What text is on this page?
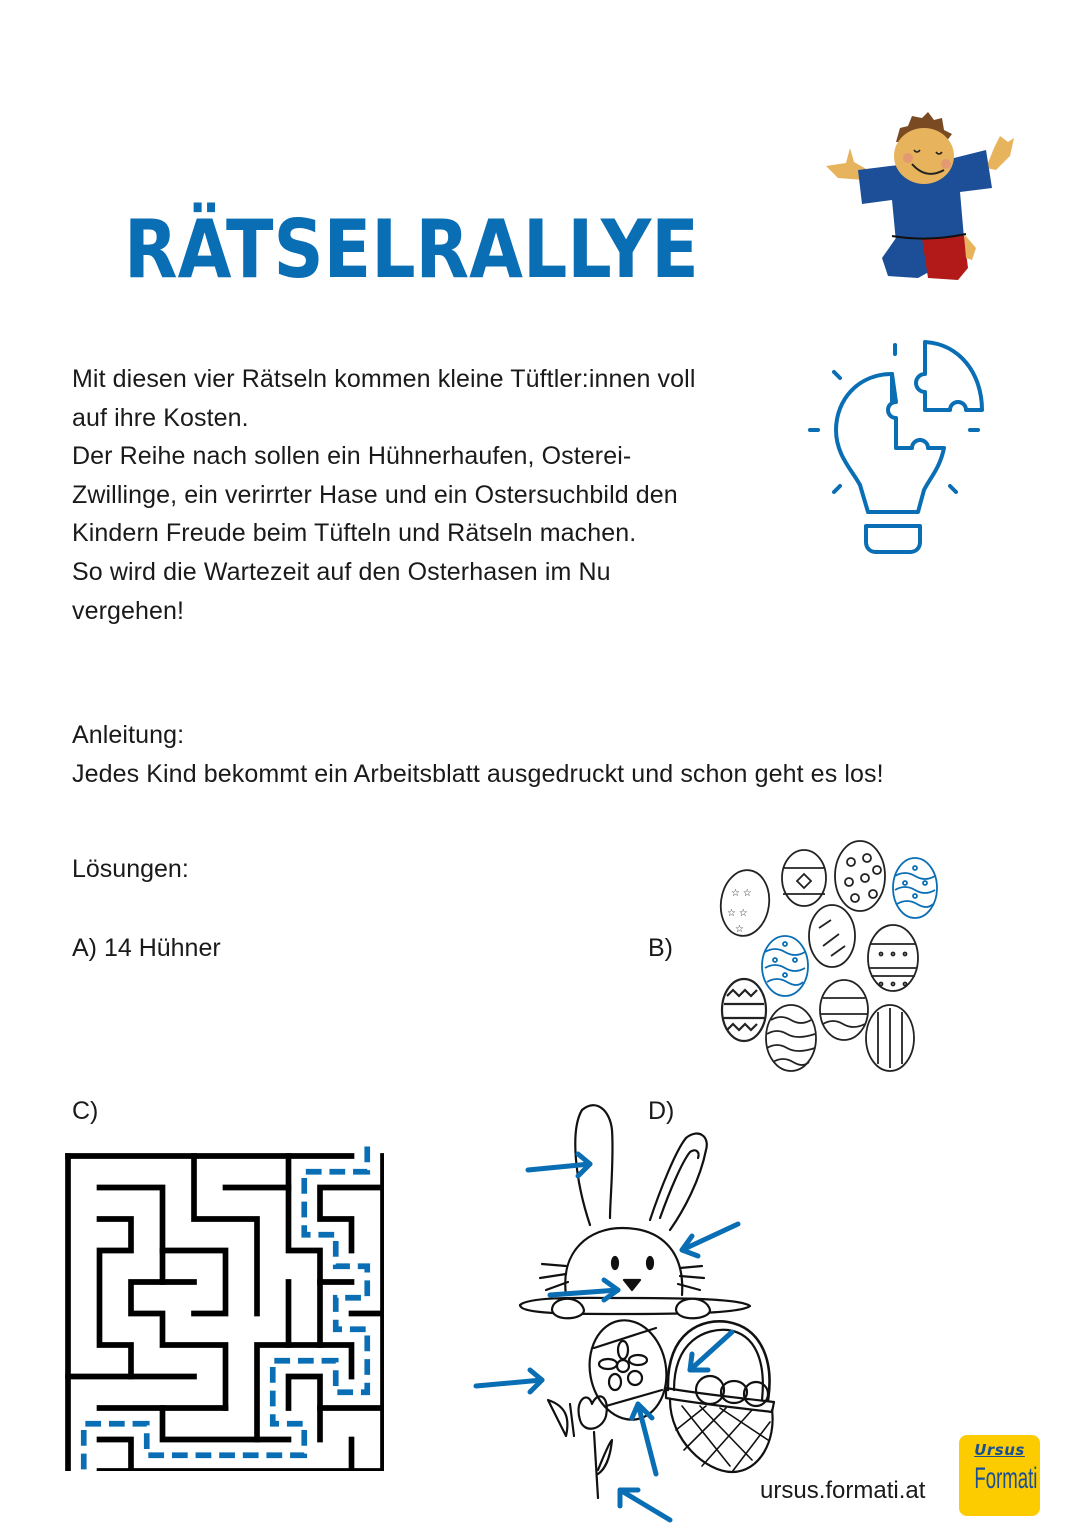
RÄTSELRALLYE

Mit diesen vier Rätseln kommen kleine Tüftler:innen voll

auf ihre Kosten.

Der Reihe nach sollen ein Hühnerhaufen, Osterei-

Zwillinge, ein verirrter Hase und ein Ostersuchbild den

Kindern Freude beim Tüfteln und Rätseln machen.

So wird die Wartezeit auf den Osterhasen im Nu

vergehen!

Anleitung:

Jedes Kind bekommt ein Arbeitsblatt ausgedruckt und schon geht es los!

Lösungen:
A) 14 Hühner	B)
C)	D)
☆ ☆
☆ ☆
☆
ursus.formati.at
Ursus
Formati
